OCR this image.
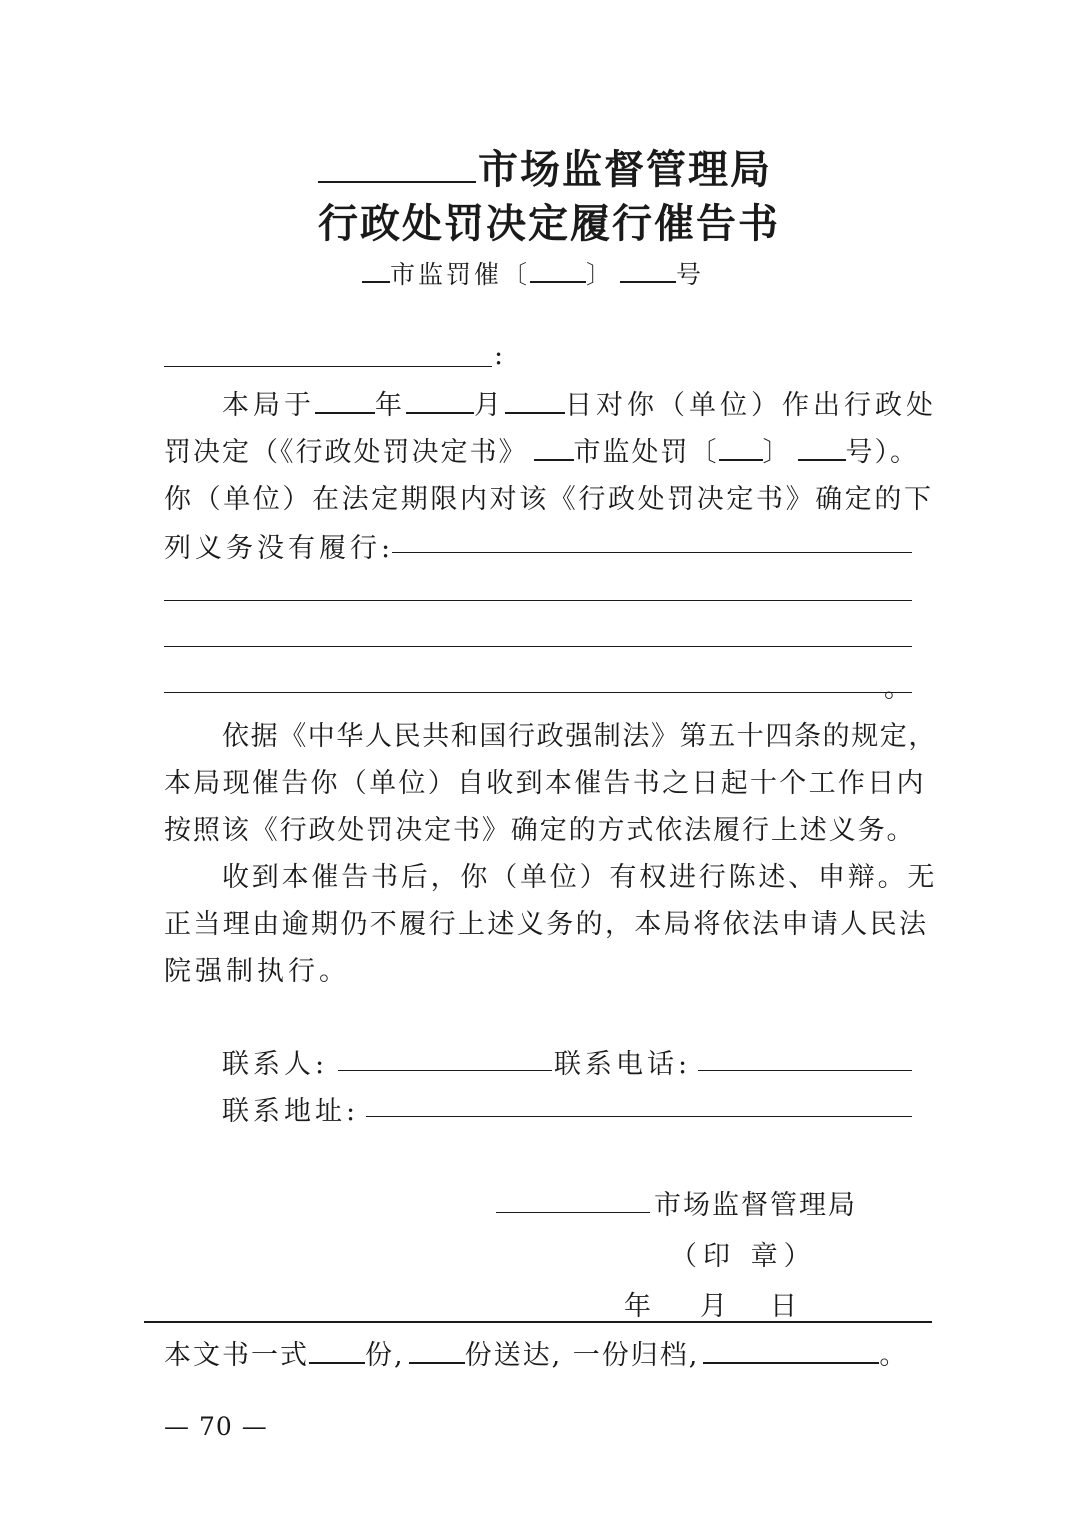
市场监督管理局
行政处罚决定履行催告书
市监罚催〔 〕 号
:
本局于 年	月 日对你（单位）作出行政处
罚决定（《行政处罚决定书》 市监处罚〔 〕 号）。
你（单位）在法定期限内对该《行政处罚决定书》确定的下
列义务没有履行:
。
依据《中华人民共和国行政强制法》第五十四条的规定，
本局现催告你（单位）自收到本催告书之日起十个工作日内
按照该《行政处罚决定书》确定的方式依法履行上述义务。
收到本催告书后，你（单位）有权进行陈述、申辩。无
正当理由逾期仍不履行上述义务的，本局将依法申请人民法
院强制执行。
联系人:	联系电话:
联系地址:
市场监督管理局
（印 章）
年 月 日
本文书一式 份, 份送达, 一份归档,	。
— 70 —
